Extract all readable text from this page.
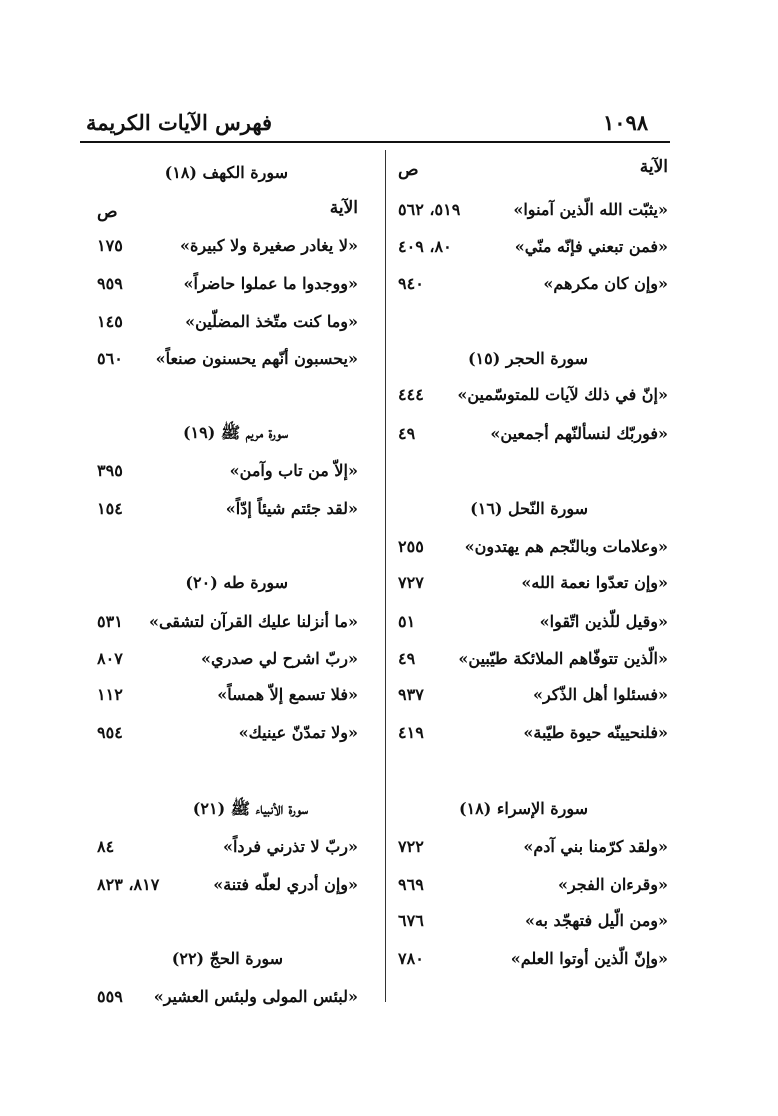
١٠٩٨
فهرس الآيات الكريمة
الآية
ص
«يثبّت الله الّذين آمنوا»
٥١٩، ٥٦٢
«فمن تبعني فإنّه منّي»
٨٠، ٤٠٩
«وإن كان مكرهم»
٩٤٠
سورة الحجر (١٥)
«إنّ في ذلك لآيات للمتوسّمين»
٤٤٤
«فوربّك لنسألنّهم أجمعين»
٤٩
سورة النّحل (١٦)
«وعلامات وبالنّجم هم يهتدون»
٢٥٥
«وإن تعدّوا نعمة الله»
٧٢٧
«وقيل للّذين اتّقوا»
٥١
«الّذين تتوفّاهم الملائكة طيّبين»
٤٩
«فسئلوا أهل الذّكر»
٩٣٧
«فلنحيينّه حيوة طيّبة»
٤١٩
سورة الإسراء (١٨)
«ولقد كرّمنا بني آدم»
٧٢٢
«وقرءان الفجر»
٩٦٩
«ومن الّيل فتهجّد به»
٦٧٦
«وإنّ الّذين أوتوا العلم»
٧٨٠
سورة الكهف (١٨)
الآية
ص
«لا يغادر صغيرة ولا كبيرة»
١٧٥
«ووجدوا ما عملوا حاضراً»
٩٥٩
«وما كنت متّخذ المضلّين»
١٤٥
«يحسبون أنّهم يحسنون صنعاً»
٥٦٠
سورة مريم ﷺ (١٩)
«إلاّ من تاب وآمن»
٣٩٥
«لقد جئتم شيئاً إدّاً»
١٥٤
سورة طه (٢٠)
«ما أنزلنا عليك القرآن لتشقى»
٥٣١
«ربّ اشرح لي صدري»
٨٠٧
«فلا تسمع إلاّ همساً»
١١٢
«ولا تمدّنّ عينيك»
٩٥٤
سورة الأنبياء ﷺ (٢١)
«ربّ لا تذرني فرداً»
٨٤
«وإن أدري لعلّه فتنة»
٨١٧، ٨٢٣
سورة الحجّ (٢٢)
«لبئس المولى ولبئس العشير»
٥٥٩
